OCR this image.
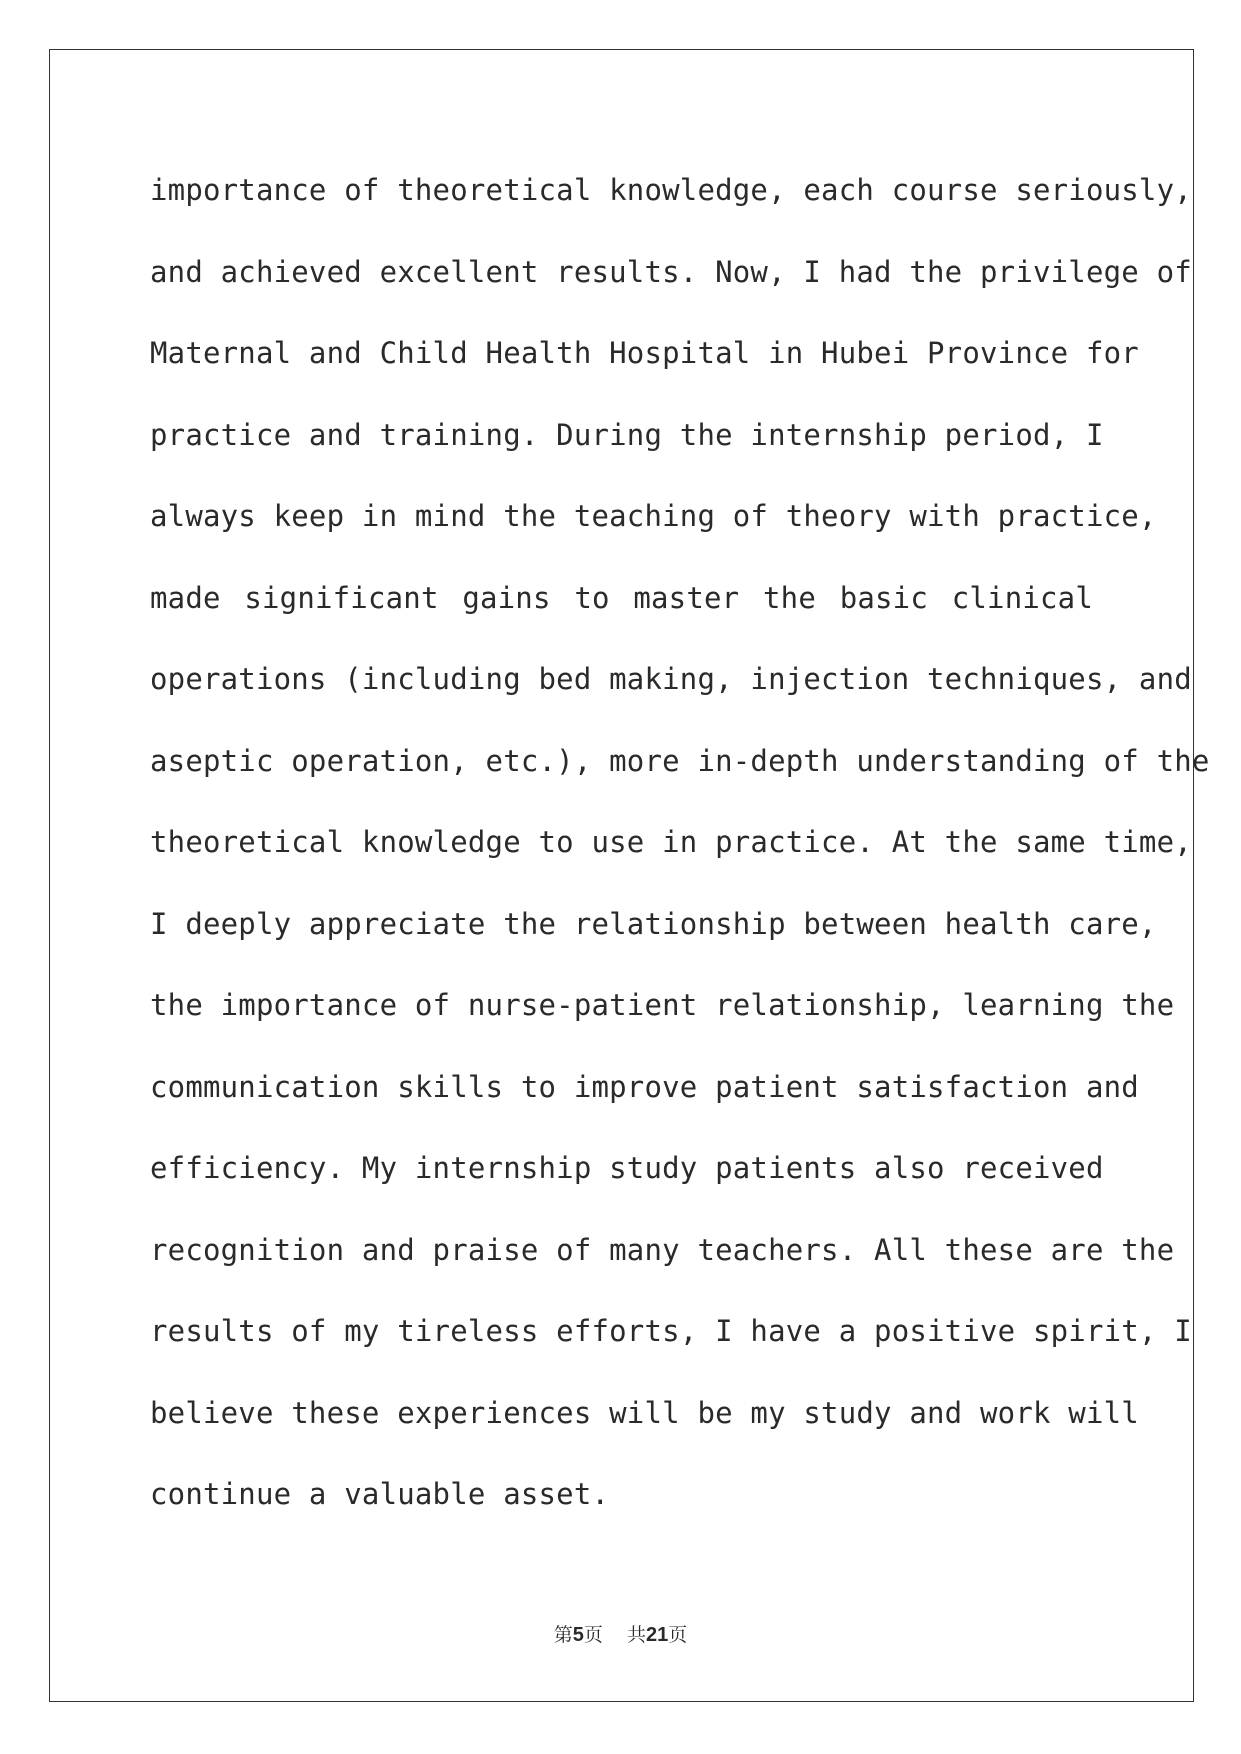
importance of theoretical knowledge, each course seriously,
and achieved excellent results. Now, I had the privilege of
Maternal and Child Health Hospital in Hubei Province for
practice and training. During the internship period, I
always keep in mind the teaching of theory with practice,
made significant gains to master the basic clinical
operations (including bed making, injection techniques, and
aseptic operation, etc.), more in-depth understanding of the
theoretical knowledge to use in practice. At the same time,
I deeply appreciate the relationship between health care,
the importance of nurse-patient relationship, learning the
communication skills to improve patient satisfaction and
efficiency. My internship study patients also received
recognition and praise of many teachers. All these are the
results of my tireless efforts, I have a positive spirit, I
believe these experiences will be my study and work will
continue a valuable asset.
第5页 共21页
